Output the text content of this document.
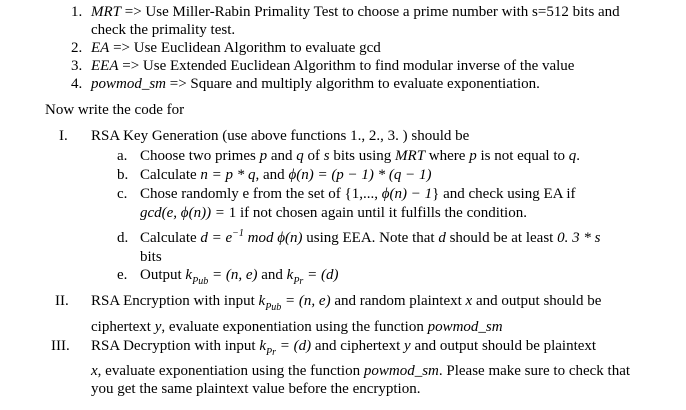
1. MRT => Use Miller-Rabin Primality Test to choose a prime number with s=512 bits and
check the primality test.
2. EA => Use Euclidean Algorithm to evaluate gcd
3. EEA => Use Extended Euclidean Algorithm to find modular inverse of the value
4. powmod_sm => Square and multiply algorithm to evaluate exponentiation.
Now write the code for
I. RSA Key Generation (use above functions 1., 2., 3. ) should be
a. Choose two primes p and q of s bits using MRT where p is not equal to q.
b. Calculate n = p * q, and ϕ(n) = (p − 1) * (q − 1)
c. Chose randomly e from the set of {1,..., ϕ(n) − 1} and check using EA if
gcd(e, ϕ(n)) = 1 if not chosen again until it fulfills the condition.
d. Calculate $d = e^{-1}$ mod ϕ(n) using EEA. Note that d should be at least 0. 3 * s
bits
e. Output $k_{Pub} = (n$, e) and $k_{Pr} = (d)$
II. RSA Encryption with input $k_{Pub} = (n$, e) and random plaintext x and output should be
ciphertext y, evaluate exponentiation using the function powmod_sm
III. RSA Decryption with input $k_{Pr} = (d)$ and ciphertext y and output should be plaintext
x, evaluate exponentiation using the function powmod_sm. Please make sure to check that
you get the same plaintext value before the encryption.
